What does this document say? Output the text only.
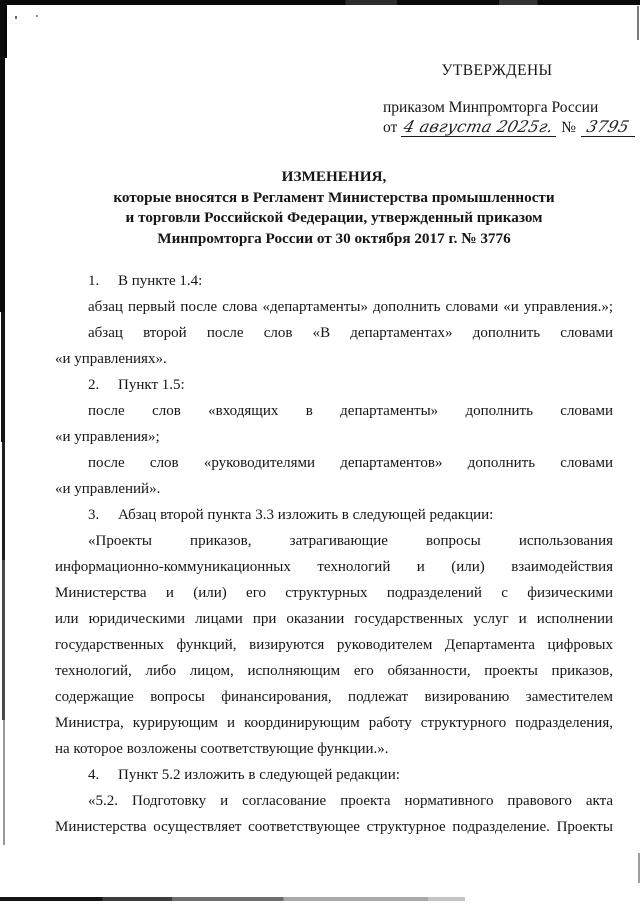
УТВЕРЖДЕНЫ
приказом Минпромторга России
от 4 августа 2025г. № 3795
ИЗМЕНЕНИЯ,
которые вносятся в Регламент Министерства промышленности
и торговли Российской Федерации, утвержденный приказом
Минпромторга России от 30 октября 2017 г. № 3776
1.  В пункте 1.4:
абзац первый после слова «департаменты» дополнить словами «и управления.»;
абзац второй после слов «В департаментах» дополнить словами
«и управлениях».
2.  Пункт 1.5:
после слов «входящих в департаменты» дополнить словами
«и управления»;
после слов «руководителями департаментов» дополнить словами
«и управлений».
3.  Абзац второй пункта 3.3 изложить в следующей редакции:
«Проекты приказов, затрагивающие вопросы использования
информационно-коммуникационных технологий и (или) взаимодействия
Министерства и (или) его структурных подразделений с физическими
или юридическими лицами при оказании государственных услуг и исполнении
государственных функций, визируются руководителем Департамента цифровых
технологий, либо лицом, исполняющим его обязанности, проекты приказов,
содержащие вопросы финансирования, подлежат визированию заместителем
Министра, курирующим и координирующим работу структурного подразделения,
на которое возложены соответствующие функции.».
4.  Пункт 5.2 изложить в следующей редакции:
«5.2. Подготовку и согласование проекта нормативного правового акта
Министерства осуществляет соответствующее структурное подразделение. Проекты
